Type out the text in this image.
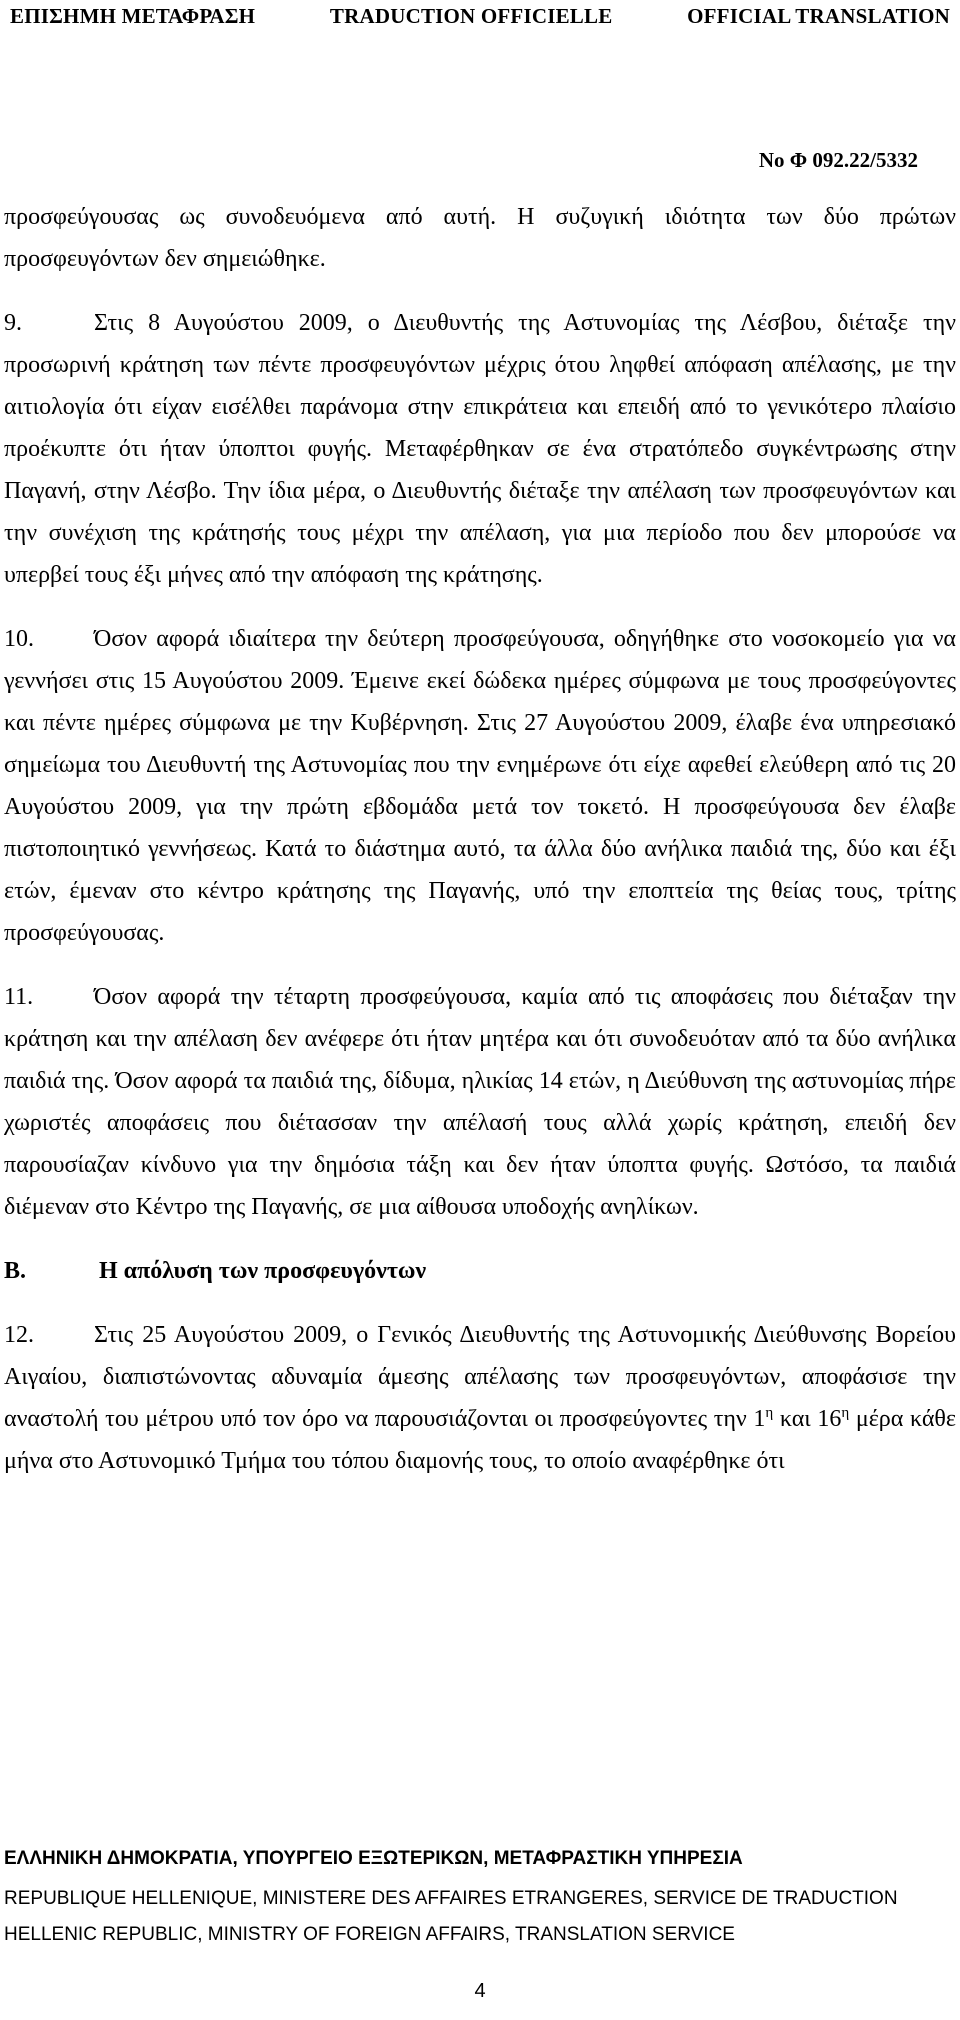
ΕΠΙΣΗΜΗ ΜΕΤΑΦΡΑΣΗ	TRADUCTION OFFICIELLE	OFFICIAL TRANSLATION
No Φ 092.22/5332

προσφεύγουσας ως συνοδευόμενα από αυτή. Η συζυγική ιδιότητα των δύο πρώτων προσφευγόντων δεν σημειώθηκε.

9.	Στις 8 Αυγούστου 2009, ο Διευθυντής της Αστυνομίας της Λέσβου, διέταξε την προσωρινή κράτηση των πέντε προσφευγόντων μέχρις ότου ληφθεί απόφαση απέλασης, με την αιτιολογία ότι είχαν εισέλθει παράνομα στην επικράτεια και επειδή από το γενικότερο πλαίσιο προέκυπτε ότι ήταν ύποπτοι φυγής. Μεταφέρθηκαν σε ένα στρατόπεδο συγκέντρωσης στην Παγανή, στην Λέσβο. Την ίδια μέρα, ο Διευθυντής διέταξε την απέλαση των προσφευγόντων και την συνέχιση της κράτησής τους μέχρι την απέλαση, για μια περίοδο που δεν μπορούσε να υπερβεί τους έξι μήνες από την απόφαση της κράτησης.

10.	Όσον αφορά ιδιαίτερα την δεύτερη προσφεύγουσα, οδηγήθηκε στο νοσοκομείο για να γεννήσει στις 15 Αυγούστου 2009. Έμεινε εκεί δώδεκα ημέρες σύμφωνα με τους προσφεύγοντες και πέντε ημέρες σύμφωνα με την Κυβέρνηση. Στις 27 Αυγούστου 2009, έλαβε ένα υπηρεσιακό σημείωμα του Διευθυντή της Αστυνομίας που την ενημέρωνε ότι είχε αφεθεί ελεύθερη από τις 20 Αυγούστου 2009, για την πρώτη εβδομάδα μετά τον τοκετό. Η προσφεύγουσα δεν έλαβε πιστοποιητικό γεννήσεως. Κατά το διάστημα αυτό, τα άλλα δύο ανήλικα παιδιά της, δύο και έξι ετών, έμεναν στο κέντρο κράτησης της Παγανής, υπό την εποπτεία της θείας τους, τρίτης προσφεύγουσας.

11.	Όσον αφορά την τέταρτη προσφεύγουσα, καμία από τις αποφάσεις που διέταξαν την κράτηση και την απέλαση δεν ανέφερε ότι ήταν μητέρα και ότι συνοδευόταν από τα δύο ανήλικα παιδιά της. Όσον αφορά τα παιδιά της, δίδυμα, ηλικίας 14 ετών, η Διεύθυνση της αστυνομίας πήρε χωριστές αποφάσεις που διέτασσαν την απέλασή τους αλλά χωρίς κράτηση, επειδή δεν παρουσίαζαν κίνδυνο για την δημόσια τάξη και δεν ήταν ύποπτα φυγής. Ωστόσο, τα παιδιά διέμεναν στο Κέντρο της Παγανής, σε μια αίθουσα υποδοχής ανηλίκων.

B.	Η απόλυση των προσφευγόντων

12.	Στις 25 Αυγούστου 2009, ο Γενικός Διευθυντής της Αστυνομικής Διεύθυνσης Βορείου Αιγαίου, διαπιστώνοντας αδυναμία άμεσης απέλασης των προσφευγόντων, αποφάσισε την αναστολή του μέτρου υπό τον όρο να παρουσιάζονται οι προσφεύγοντες την $1^\eta$ και $16^\eta$ μέρα κάθε μήνα στο Αστυνομικό Τμήμα του τόπου διαμονής τους, το οποίο αναφέρθηκε ότι

ΕΛΛΗΝΙΚΗ ΔΗΜΟΚΡΑΤΙΑ, ΥΠΟΥΡΓΕΙΟ ΕΞΩΤΕΡΙΚΩΝ, ΜΕΤΑΦΡΑΣΤΙΚΗ ΥΠΗΡΕΣΙΑ
REPUBLIQUE HELLENIQUE, MINISTERE DES AFFAIRES ETRANGERES, SERVICE DE TRADUCTION
HELLENIC REPUBLIC, MINISTRY OF FOREIGN AFFAIRS, TRANSLATION SERVICE
4
